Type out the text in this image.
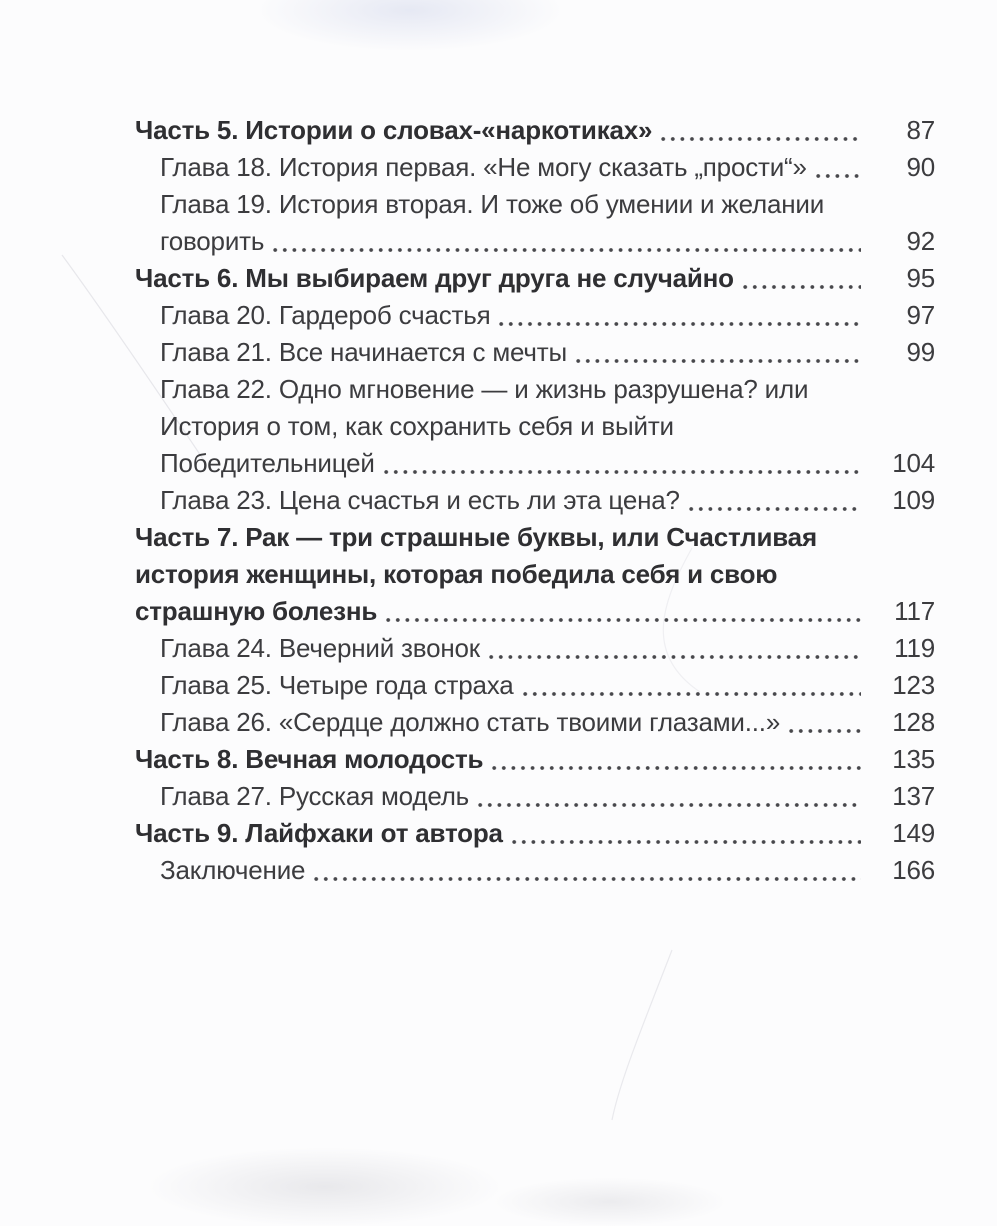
Часть 5. Истории о словах-«наркотиках»	87
Глава 18. История первая. «Не могу сказать „прости“»	90
Глава 19. История вторая. И тоже об умении и желании
говорить	92
Часть 6. Мы выбираем друг друга не случайно	95
Глава 20. Гардероб счастья	97
Глава 21. Все начинается с мечты	99
Глава 22. Одно мгновение — и жизнь разрушена? или
История о том, как сохранить себя и выйти
Победительницей	104
Глава 23. Цена счастья и есть ли эта цена?	109
Часть 7. Рак — три страшные буквы, или Счастливая
история женщины, которая победила себя и свою
страшную болезнь	117
Глава 24. Вечерний звонок	119
Глава 25. Четыре года страха	123
Глава 26. «Сердце должно стать твоими глазами...»	128
Часть 8. Вечная молодость	135
Глава 27. Русская модель	137
Часть 9. Лайфхаки от автора	149
Заключение	166
